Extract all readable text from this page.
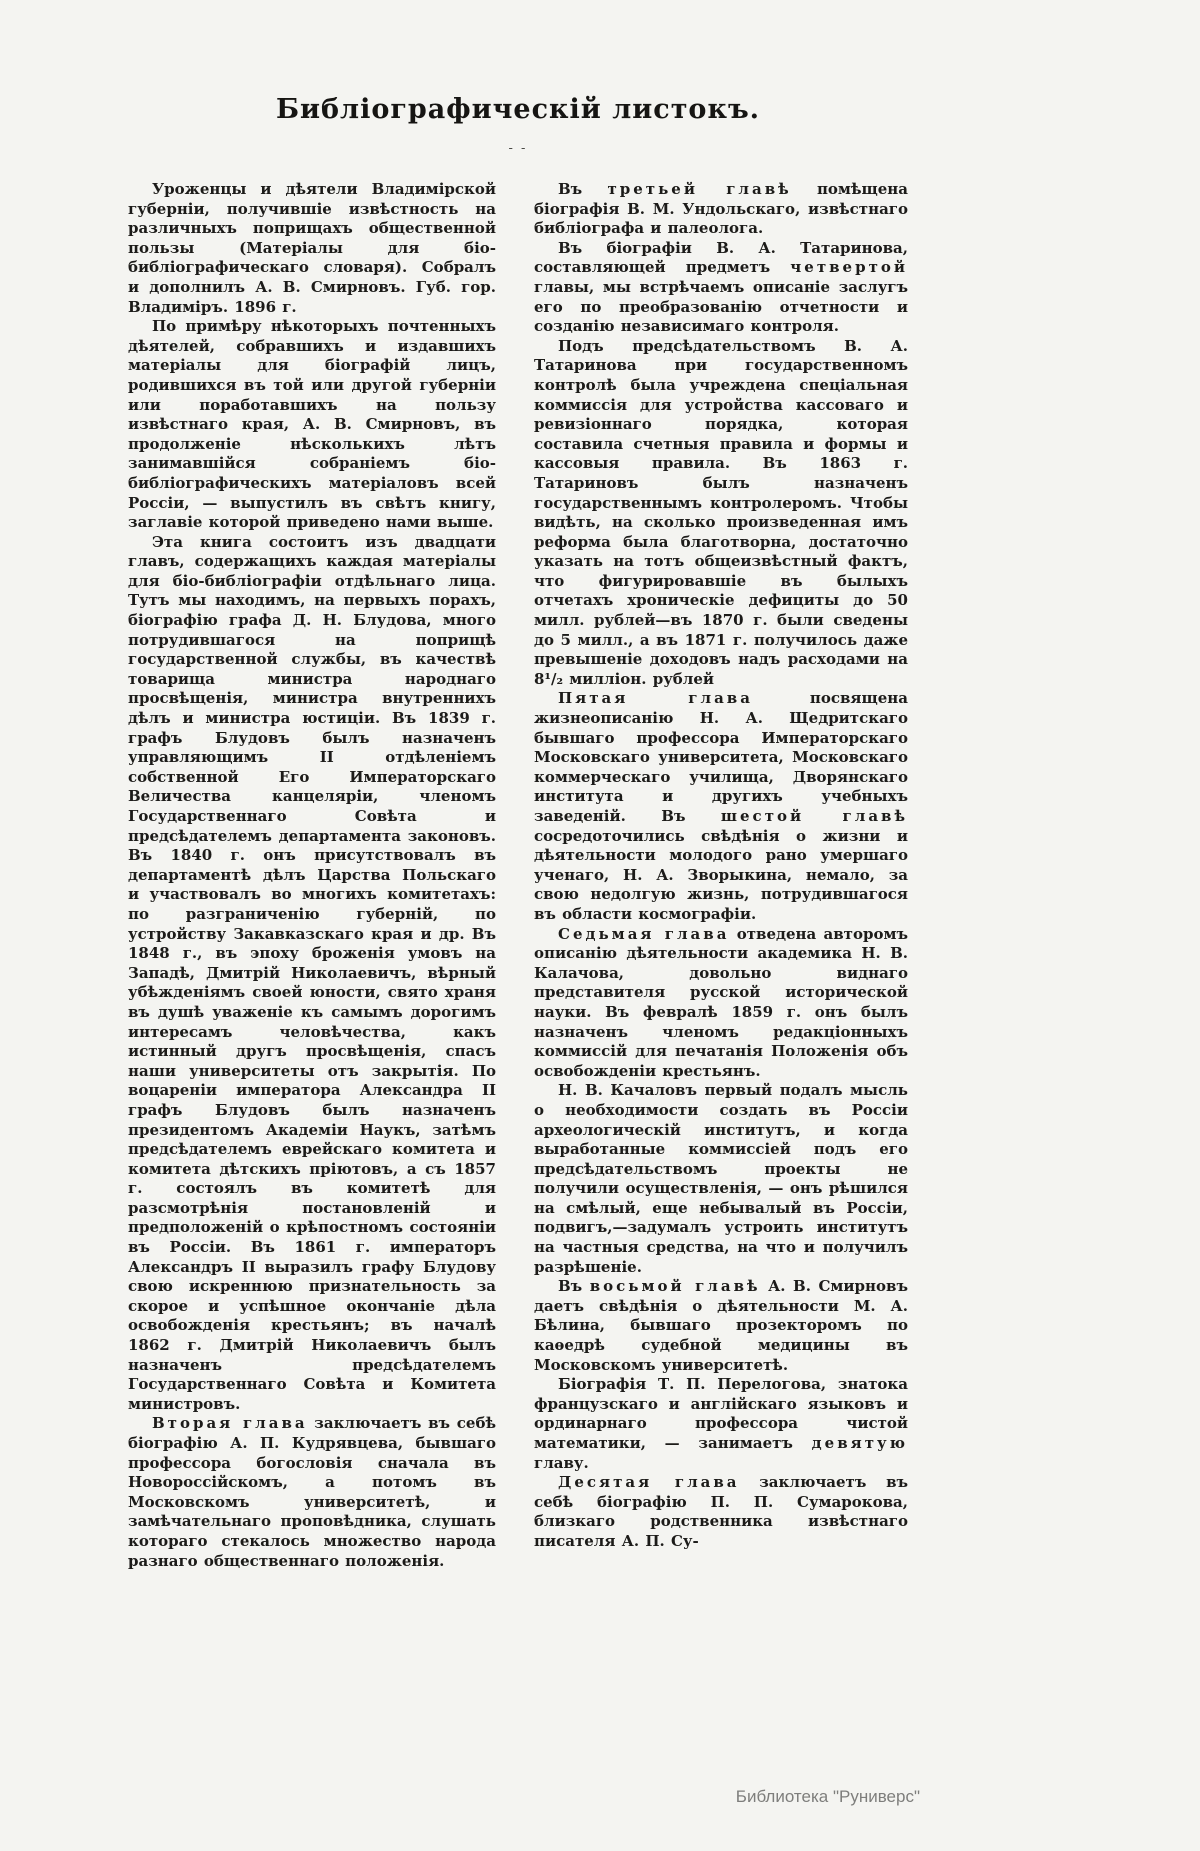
Библіографическій листокъ.
- -

Уроженцы и дѣятели Владимірской губерніи, получившіе извѣстность на различныхъ поприщахъ общественной пользы (Матеріалы для біо-библіографическаго словаря). Собралъ и дополнилъ А. В. Смирновъ. Губ. гор. Владиміръ. 1896 г.

По примѣру нѣкоторыхъ почтенныхъ дѣятелей, собравшихъ и издавшихъ матеріалы для біографій лицъ, родившихся въ той или другой губерніи или поработавшихъ на пользу извѣстнаго края, А. В. Смирновъ, въ продолженіе нѣсколькихъ лѣтъ занимавшійся собраніемъ біо-библіографическихъ матеріаловъ всей Россіи, — выпустилъ въ свѣтъ книгу, заглавіе которой приведено нами выше.

Эта книга состоитъ изъ двадцати главъ, содержащихъ каждая матеріалы для біо-библіографіи отдѣльнаго лица. Тутъ мы находимъ, на первыхъ порахъ, біографію графа Д. Н. Блудова, много потрудившагося на поприщѣ государственной службы, въ качествѣ товарища министра народнаго просвѣщенія, министра внутреннихъ дѣлъ и министра юстиціи. Въ 1839 г. графъ Блудовъ былъ назначенъ управляющимъ II отдѣленіемъ собственной Его Императорскаго Величества канцеляріи, членомъ Государственнаго Совѣта и предсѣдателемъ департамента законовъ. Въ 1840 г. онъ присутствовалъ въ департаментѣ дѣлъ Царства Польскаго и участвовалъ во многихъ комитетахъ: по разграниченію губерній, по устройству Закавказскаго края и др. Въ 1848 г., въ эпоху броженія умовъ на Западѣ, Дмитрій Николаевичъ, вѣрный убѣжденіямъ своей юности, свято храня въ душѣ уваженіе къ самымъ дорогимъ интересамъ человѣчества, какъ истинный другъ просвѣщенія, спасъ наши университеты отъ закрытія. По воцареніи императора Александра II графъ Блудовъ былъ назначенъ президентомъ Академіи Наукъ, затѣмъ предсѣдателемъ еврейскаго комитета и комитета дѣтскихъ пріютовъ, а съ 1857 г. состоялъ въ комитетѣ для разсмотрѣнія постановленій и предположеній о крѣпостномъ состояніи въ Россіи. Въ 1861 г. императоръ Александръ II выразилъ графу Блудову свою искреннюю признательность за скорое и успѣшное окончаніе дѣла освобожденія крестьянъ; въ началѣ 1862 г. Дмитрій Николаевичъ былъ назначенъ предсѣдателемъ Государственнаго Совѣта и Комитета министровъ.

Вторая глава заключаетъ въ себѣ біографію А. П. Кудрявцева, бывшаго профессора богословія сначала въ Новороссійскомъ, а потомъ въ Московскомъ университетѣ, и замѣчательнаго проповѣдника, слушать котораго стекалось множество народа разнаго общественнаго положенія.

Въ третьей главѣ помѣщена біографія В. М. Ундольскаго, извѣстнаго библіографа и палеолога.

Въ біографіи В. А. Татаринова, составляющей предметъ четвертой главы, мы встрѣчаемъ описаніе заслугъ его по преобразованію отчетности и созданію независимаго контроля.

Подъ предсѣдательствомъ В. А. Татаринова при государственномъ контролѣ была учреждена спеціальная коммиссія для устройства кассоваго и ревизіоннаго порядка, которая составила счетныя правила и формы и кассовыя правила. Въ 1863 г. Татариновъ былъ назначенъ государственнымъ контролеромъ. Чтобы видѣть, на сколько произведенная имъ реформа была благотворна, достаточно указать на тотъ общеизвѣстный фактъ, что фигурировавшіе въ былыхъ отчетахъ хроническіе дефициты до 50 милл. рублей—въ 1870 г. были сведены до 5 милл., а въ 1871 г. получилось даже превышеніе доходовъ надъ расходами на 8¹/₂ милліон. рублей

Пятая глава посвящена жизнеописанію Н. А. Щедритскаго бывшаго профессора Императорскаго Московскаго университета, Московскаго коммерческаго училища, Дворянскаго института и другихъ учебныхъ заведеній. Въ шестой главѣ сосредоточились свѣдѣнія о жизни и дѣятельности молодого рано умершаго ученаго, Н. А. Зворыкина, немало, за свою недолгую жизнь, потрудившагося въ области космографіи.

Седьмая глава отведена авторомъ описанію дѣятельности академика Н. В. Калачова, довольно виднаго представителя русской исторической науки. Въ февралѣ 1859 г. онъ былъ назначенъ членомъ редакціонныхъ коммиссій для печатанія Положенія объ освобожденіи крестьянъ.

Н. В. Качаловъ первый подалъ мысль о необходимости создать въ Россіи археологическій институтъ, и когда выработанные коммиссіей подъ его предсѣдательствомъ проекты не получили осуществленія, — онъ рѣшился на смѣлый, еще небывалый въ Россіи, подвигъ,—задумалъ устроить институтъ на частныя средства, на что и получилъ разрѣшеніе.

Въ восьмой главѣ А. В. Смирновъ даетъ свѣдѣнія о дѣятельности М. А. Бѣлина, бывшаго прозекторомъ по каѳедрѣ судебной медицины въ Московскомъ университетѣ.

Біографія Т. П. Перелогова, знатока французскаго и англійскаго языковъ и ординарнаго профессора чистой математики, — занимаетъ девятую главу.

Десятая глава заключаетъ въ себѣ біографію П. П. Сумарокова, близкаго родственника извѣстнаго писателя А. П. Су-

Библиотека "Руниверс"
